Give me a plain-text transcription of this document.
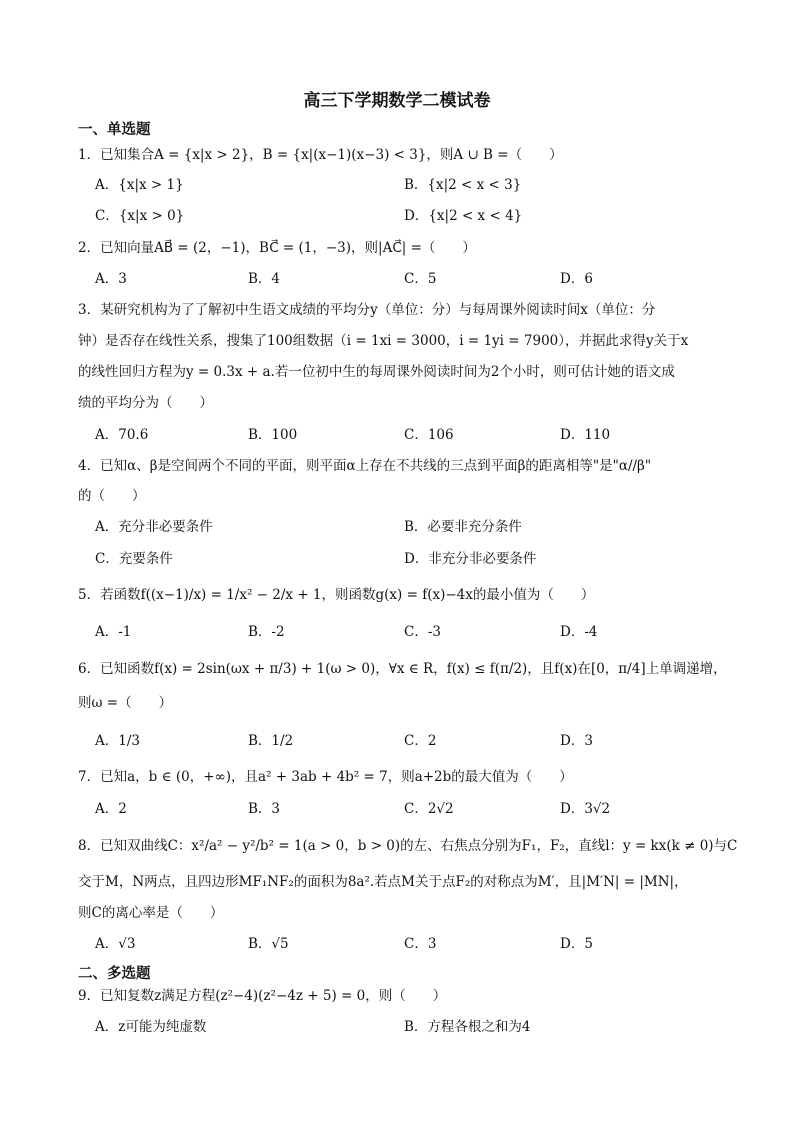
高三下学期数学二模试卷
一、单选题
1．已知集合A = {x|x > 2}，B = {x|(x−1)(x−3) < 3}，则A ∪ B =（　　）
A．{x|x > 1}	B．{x|2 < x < 3}
C．{x|x > 0}	D．{x|2 < x < 4}
2．已知向量AB⃗ = (2，−1)，BC⃗ = (1，−3)，则|AC⃗| =（　　）
A．3	B．4	C．5	D．6
3．某研究机构为了了解初中生语文成绩的平均分y（单位：分）与每周课外阅读时间x（单位：分
钟）是否存在线性关系，搜集了100组数据（i = 1xi = 3000，i = 1yi = 7900），并据此求得y关于x
的线性回归方程为y = 0.3x + a.若一位初中生的每周课外阅读时间为2个小时，则可估计她的语文成
绩的平均分为（　　）
A．70.6	B．100	C．106	D．110
4．已知α、β是空间两个不同的平面，则平面α上存在不共线的三点到平面β的距离相等"是"α//β"
的（　　）
A．充分非必要条件	B．必要非充分条件
C．充要条件	D．非充分非必要条件
5．若函数f((x−1)/x) = 1/x² − 2/x + 1，则函数g(x) = f(x)−4x的最小值为（　　）
A．-1	B．-2	C．-3	D．-4
6．已知函数f(x) = 2sin(ωx + π/3) + 1(ω > 0)，∀x ∈ R，f(x) ≤ f(π/2)，且f(x)在[0，π/4]上单调递增，
则ω =（　　）
A．1/3	B．1/2	C．2	D．3
7．已知a，b ∈ (0，+∞)，且a² + 3ab + 4b² = 7，则a+2b的最大值为（　　）
A．2	B．3	C．2√2	D．3√2
8．已知双曲线C：x²/a² − y²/b² = 1(a > 0，b > 0)的左、右焦点分别为F₁，F₂，直线l：y = kx(k ≠ 0)与C
交于M，N两点，且四边形MF₁NF₂的面积为8a².若点M关于点F₂的对称点为M′，且|M′N| = |MN|，
则C的离心率是（　　）
A．√3	B．√5	C．3	D．5
二、多选题
9．已知复数z满足方程(z²−4)(z²−4z + 5) = 0，则（　　）
A．z可能为纯虚数	B．方程各根之和为4
